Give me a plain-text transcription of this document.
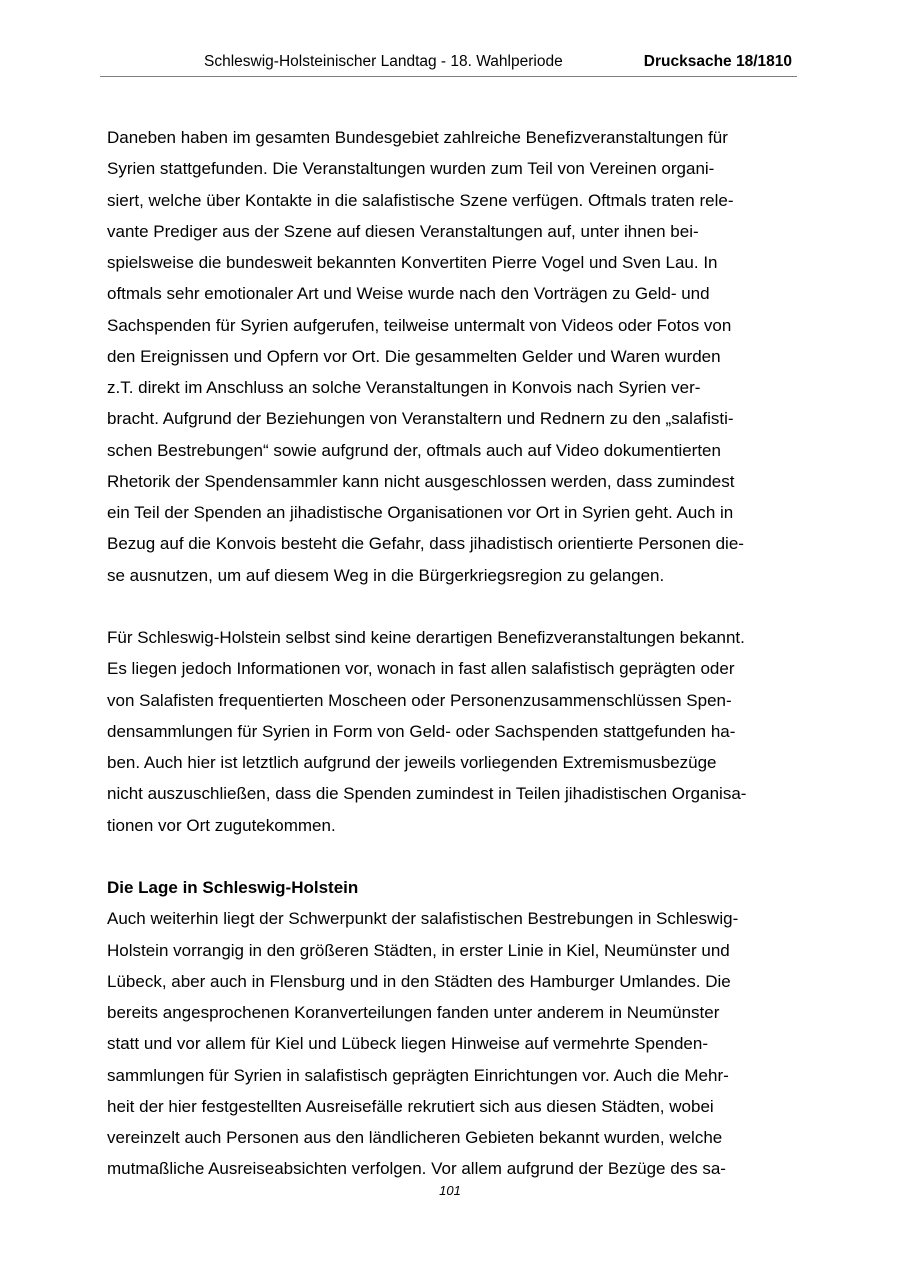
Schleswig-Holsteinischer Landtag - 18. Wahlperiode	Drucksache 18/1810
Daneben haben im gesamten Bundesgebiet zahlreiche Benefizveranstaltungen für
Syrien stattgefunden. Die Veranstaltungen wurden zum Teil von Vereinen organi-
siert, welche über Kontakte in die salafistische Szene verfügen. Oftmals traten rele-
vante Prediger aus der Szene auf diesen Veranstaltungen auf, unter ihnen bei-
spielsweise die bundesweit bekannten Konvertiten Pierre Vogel und Sven Lau. In
oftmals sehr emotionaler Art und Weise wurde nach den Vorträgen zu Geld- und
Sachspenden für Syrien aufgerufen, teilweise untermalt von Videos oder Fotos von
den Ereignissen und Opfern vor Ort. Die gesammelten Gelder und Waren wurden
z.T. direkt im Anschluss an solche Veranstaltungen in Konvois nach Syrien ver-
bracht. Aufgrund der Beziehungen von Veranstaltern und Rednern zu den „salafisti-
schen Bestrebungen“ sowie aufgrund der, oftmals auch auf Video dokumentierten
Rhetorik der Spendensammler kann nicht ausgeschlossen werden, dass zumindest
ein Teil der Spenden an jihadistische Organisationen vor Ort in Syrien geht. Auch in
Bezug auf die Konvois besteht die Gefahr, dass jihadistisch orientierte Personen die-
se ausnutzen, um auf diesem Weg in die Bürgerkriegsregion zu gelangen.
Für Schleswig-Holstein selbst sind keine derartigen Benefizveranstaltungen bekannt.
Es liegen jedoch Informationen vor, wonach in fast allen salafistisch geprägten oder
von Salafisten frequentierten Moscheen oder Personenzusammenschlüssen Spen-
densammlungen für Syrien in Form von Geld- oder Sachspenden stattgefunden ha-
ben. Auch hier ist letztlich aufgrund der jeweils vorliegenden Extremismusbezüge
nicht auszuschließen, dass die Spenden zumindest in Teilen jihadistischen Organisa-
tionen vor Ort zugutekommen.
Die Lage in Schleswig-Holstein
Auch weiterhin liegt der Schwerpunkt der salafistischen Bestrebungen in Schleswig-
Holstein vorrangig in den größeren Städten, in erster Linie in Kiel, Neumünster und
Lübeck, aber auch in Flensburg und in den Städten des Hamburger Umlandes. Die
bereits angesprochenen Koranverteilungen fanden unter anderem in Neumünster
statt und vor allem für Kiel und Lübeck liegen Hinweise auf vermehrte Spenden-
sammlungen für Syrien in salafistisch geprägten Einrichtungen vor. Auch die Mehr-
heit der hier festgestellten Ausreisefälle rekrutiert sich aus diesen Städten, wobei
vereinzelt auch Personen aus den ländlicheren Gebieten bekannt wurden, welche
mutmaßliche Ausreiseabsichten verfolgen. Vor allem aufgrund der Bezüge des sa-
101
